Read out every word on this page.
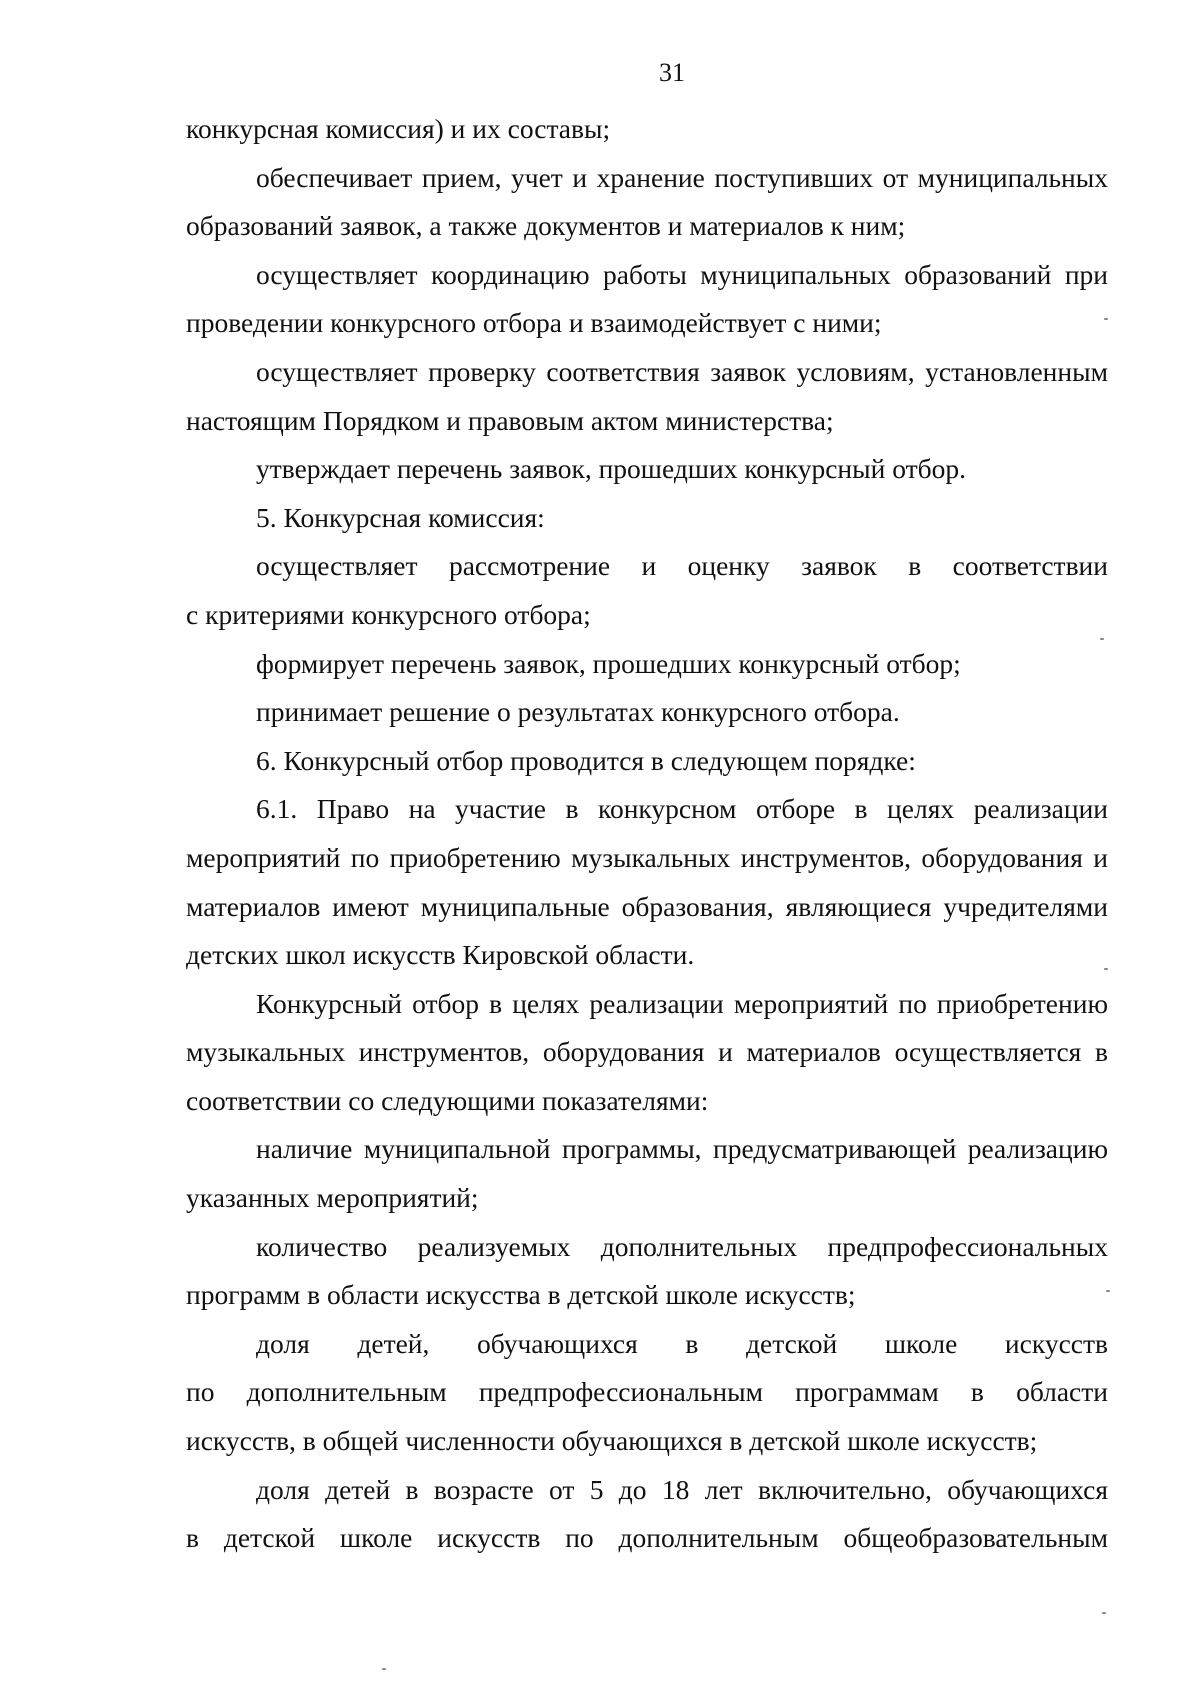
31
конкурсная комиссия) и их составы;
обеспечивает прием, учет и хранение поступивших от муниципальных
образований заявок, а также документов и материалов к ним;
осуществляет координацию работы муниципальных образований при
проведении конкурсного отбора и взаимодействует с ними;
осуществляет проверку соответствия заявок условиям, установленным
настоящим Порядком и правовым актом министерства;
утверждает перечень заявок, прошедших конкурсный отбор.
5. Конкурсная комиссия:
осуществляет рассмотрение и оценку заявок в соответствии
с критериями конкурсного отбора;
формирует перечень заявок, прошедших конкурсный отбор;
принимает решение о результатах конкурсного отбора.
6. Конкурсный отбор проводится в следующем порядке:
6.1. Право на участие в конкурсном отборе в целях реализации
мероприятий по приобретению музыкальных инструментов, оборудования и
материалов имеют муниципальные образования, являющиеся учредителями
детских школ искусств Кировской области.
Конкурсный отбор в целях реализации мероприятий по приобретению
музыкальных инструментов, оборудования и материалов осуществляется в
соответствии со следующими показателями:
наличие муниципальной программы, предусматривающей реализацию
указанных мероприятий;
количество реализуемых дополнительных предпрофессиональных
программ в области искусства в детской школе искусств;
доля детей, обучающихся в детской школе искусств
по дополнительным предпрофессиональным программам в области
искусств, в общей численности обучающихся в детской школе искусств;
доля детей в возрасте от 5 до 18 лет включительно, обучающихся
в детской школе искусств по дополнительным общеобразовательным
